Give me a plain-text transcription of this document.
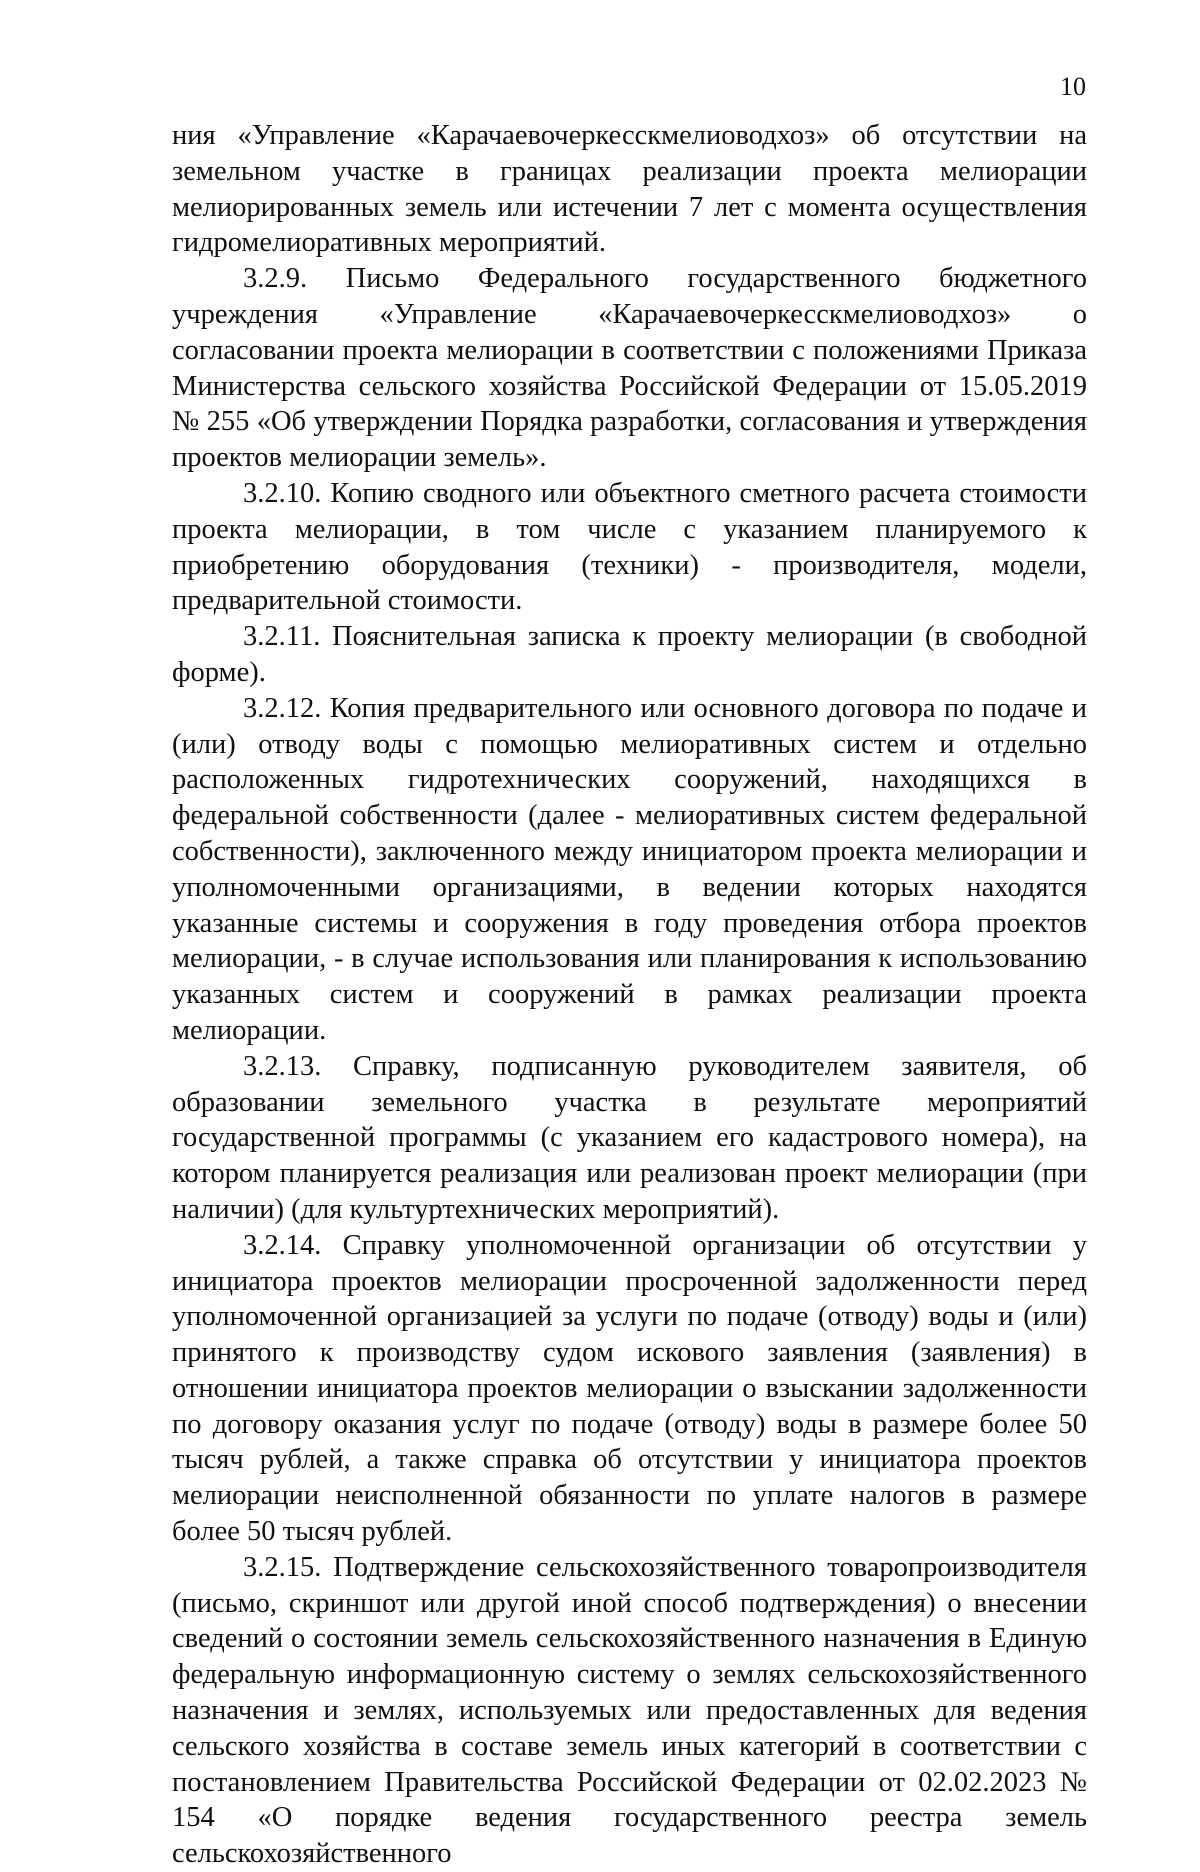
10

ния «Управление «Карачаевочеркесскмелиоводхоз» об отсутствии на земельном участке в границах реализации проекта мелиорации мелиорированных земель или истечении 7 лет с момента осуществления гидромелиоративных мероприятий.

3.2.9. Письмо Федерального государственного бюджетного учреждения «Управление «Карачаевочеркесскмелиоводхоз» о согласовании проекта мелиорации в соответствии с положениями Приказа Министерства сельского хозяйства Российской Федерации от 15.05.2019 № 255 «Об утверждении Порядка разработки, согласования и утверждения проектов мелиорации земель».

3.2.10. Копию сводного или объектного сметного расчета стоимости проекта мелиорации, в том числе с указанием планируемого к приобретению оборудования (техники) - производителя, модели, предварительной стоимости.

3.2.11. Пояснительная записка к проекту мелиорации (в свободной форме).

3.2.12. Копия предварительного или основного договора по подаче и (или) отводу воды с помощью мелиоративных систем и отдельно расположенных гидротехнических сооружений, находящихся в федеральной собственности (далее - мелиоративных систем федеральной собственности), заключенного между инициатором проекта мелиорации и уполномоченными организациями, в ведении которых находятся указанные системы и сооружения в году проведения отбора проектов мелиорации, - в случае использования или планирования к использованию указанных систем и сооружений в рамках реализации проекта мелиорации.

3.2.13. Справку, подписанную руководителем заявителя, об образовании земельного участка в результате мероприятий государственной программы (с указанием его кадастрового номера), на котором планируется реализация или реализован проект мелиорации (при наличии) (для культуртехнических мероприятий).

3.2.14. Справку уполномоченной организации об отсутствии у инициатора проектов мелиорации просроченной задолженности перед уполномоченной организацией за услуги по подаче (отводу) воды и (или) принятого к производству судом искового заявления (заявления) в отношении инициатора проектов мелиорации о взыскании задолженности по договору оказания услуг по подаче (отводу) воды в размере более 50 тысяч рублей, а также справка об отсутствии у инициатора проектов мелиорации неисполненной обязанности по уплате налогов в размере более 50 тысяч рублей.

3.2.15. Подтверждение сельскохозяйственного товаропроизводителя (письмо, скриншот или другой иной способ подтверждения) о внесении сведений о состоянии земель сельскохозяйственного назначения в Единую федеральную информационную систему о землях сельскохозяйственного назначения и землях, используемых или предоставленных для ведения сельского хозяйства в составе земель иных категорий в соответствии с постановлением Правительства Российской Федерации от 02.02.2023 № 154 «О порядке ведения государственного реестра земель сельскохозяйственного
